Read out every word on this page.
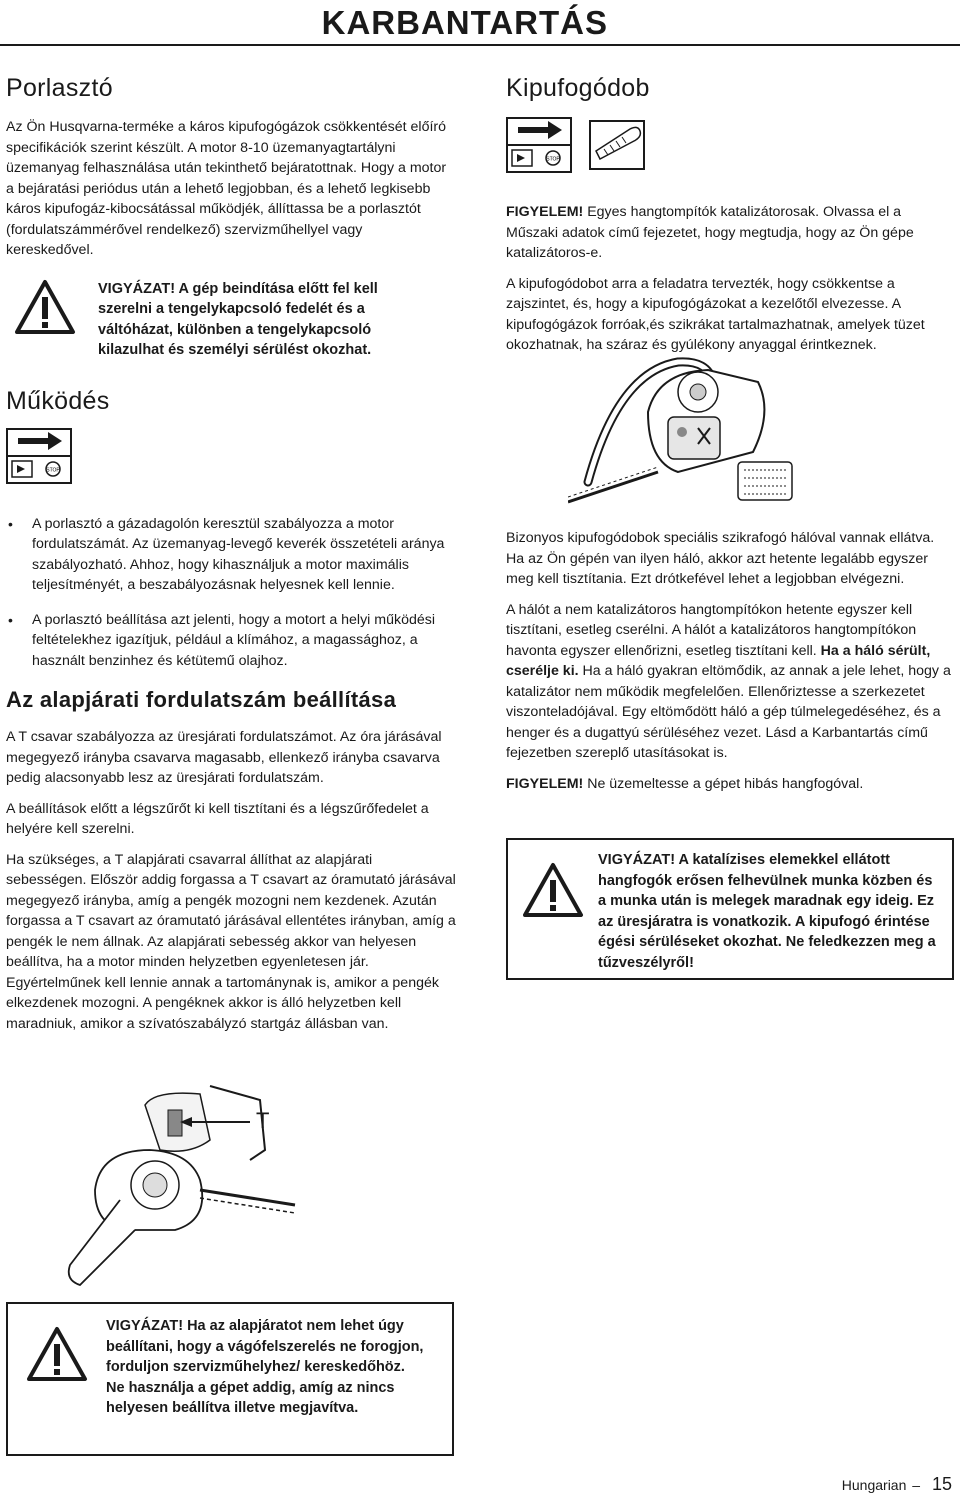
KARBANTARTÁS
Porlasztó

Az Ön Husqvarna-terméke a káros kipufogógázok csökkentését előíró specifikációk szerint készült. A motor 8-10 üzemanyagtartályni üzemanyag felhasználása után tekinthető bejáratottnak. Hogy a motor a bejáratási periódus után a lehető legjobban, és a lehető legkisebb káros kipufogáz-kibocsátással működjék, állíttassa be a porlasztót (fordulatszámmérővel rendelkező) szervizműhellyel vagy kereskedővel.

VIGYÁZAT! A gép beindítása előtt fel kell szerelni a tengelykapcsoló fedelét és a váltóházat, különben a tengelykapcsoló kilazulhat és személyi sérülést okozhat.
Működés
STOP
• A porlasztó a gázadagolón keresztül szabályozza a motor fordulatszámát. Az üzemanyag-levegő keverék összetételi aránya szabályozható. Ahhoz, hogy kihasználjuk a motor maximális teljesítményét, a beszabályozásnak helyesnek kell lennie.
• A porlasztó beállítása azt jelenti, hogy a motort a helyi működési feltételekhez igazítjuk, például a klímához, a magassághoz, a használt benzinhez és kétütemű olajhoz.
Az alapjárati fordulatszám beállítása

A T csavar szabályozza az üresjárati fordulatszámot. Az óra járásával megegyező irányba csavarva magasabb, ellenkező irányba csavarva pedig alacsonyabb lesz az üresjárati fordulatszám.

A beállítások előtt a légszűrőt ki kell tisztítani és a légszűrőfedelet a helyére kell szerelni.

Ha szükséges, a T alapjárati csavarral állíthat az alapjárati sebességen. Először addig forgassa a T csavart az óramutató járásával megegyező irányba, amíg a pengék mozogni nem kezdenek. Azután forgassa a T csavart az óramutató járásával ellentétes irányban, amíg a pengék le nem állnak. Az alapjárati sebesség akkor van helyesen beállítva, ha a motor minden helyzetben egyenletesen jár. Egyértelműnek kell lennie annak a tartománynak is, amikor a pengék elkezdenek mozogni. A pengéknek akkor is álló helyzetben kell maradniuk, amikor a szívatószabályzó startgáz állásban van.

T
VIGYÁZAT! Ha az alapjáratot nem lehet úgy beállítani, hogy a vágófelszerelés ne forogjon, forduljon szervizműhelyhez/ kereskedőhöz. Ne használja a gépet addig, amíg az nincs helyesen beállítva illetve megjavítva.
Kipufogódob
STOP

FIGYELEM! Egyes hangtompítók katalizátorosak. Olvassa el a Műszaki adatok című fejezetet, hogy megtudja, hogy az Ön gépe katalizátoros-e.

A kipufogódobot arra a feladatra tervezték, hogy csökkentse a zajszintet, és, hogy a kipufogógázokat a kezelőtől elvezesse. A kipufogógázok forróak,és szikrákat tartalmazhatnak, amelyek tüzet okozhatnak, ha száraz és gyúlékony anyaggal érintkeznek.

Bizonyos kipufogódobok speciális szikrafogó hálóval vannak ellátva. Ha az Ön gépén van ilyen háló, akkor azt hetente legalább egyszer meg kell tisztítania. Ezt drótkefével lehet a legjobban elvégezni.

A hálót a nem katalizátoros hangtompítókon hetente egyszer kell tisztítani, esetleg cserélni. A hálót a katalizátoros hangtompítókon havonta egyszer ellenőrizni, esetleg tisztítani kell. Ha a háló sérült, cserélje ki. Ha a háló gyakran eltömődik, az annak a jele lehet, hogy a katalizátor nem működik megfelelően. Ellenőriztesse a szerkezetet viszonteladójával. Egy eltömődött háló a gép túlmelegedéséhez, és a henger és a dugattyú sérüléséhez vezet. Lásd a Karbantartás című fejezetben szereplő utasításokat is.

FIGYELEM! Ne üzemeltesse a gépet hibás hangfogóval.

VIGYÁZAT! A katalízises elemekkel ellátott hangfogók erősen felhevülnek munka közben és a munka után is melegek maradnak egy ideig. Ez az üresjáratra is vonatkozik. A kipufogó érintése égési sérüléseket okozhat. Ne feledkezzen meg a tűzveszélyről!
Hungarian – 15
